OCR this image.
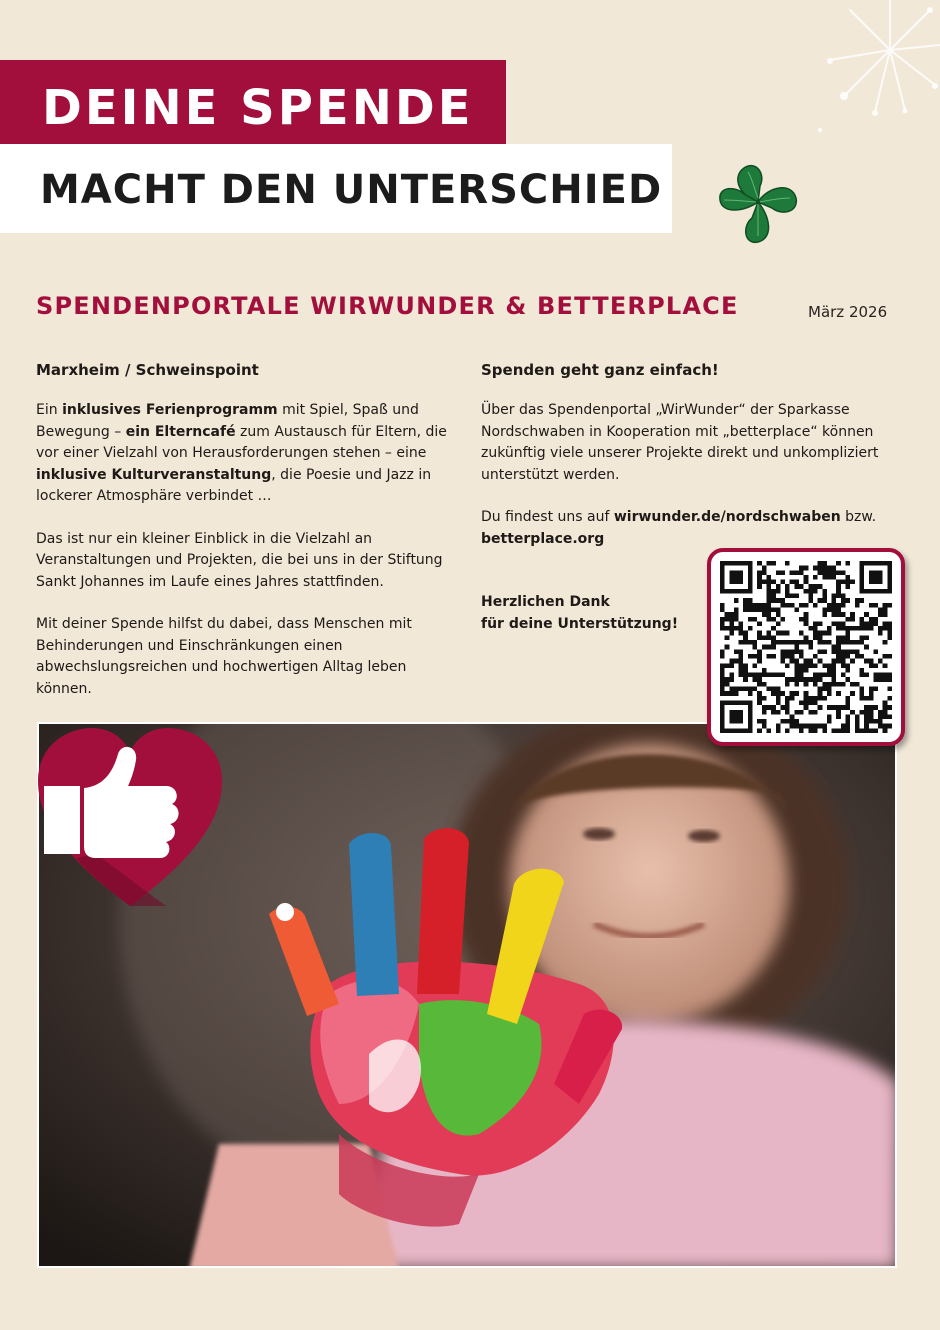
DEINE SPENDE
MACHT DEN UNTERSCHIED
SPENDENPORTALE WIRWUNDER & BETTERPLACE	März 2026
Marxheim / Schweinspoint

Ein inklusives Ferienprogramm mit Spiel, Spaß und Bewegung – ein Elterncafé zum Austausch für Eltern, die vor einer Vielzahl von Herausforderungen stehen – eine inklusive Kulturveranstaltung, die Poesie und Jazz in lockerer Atmosphäre verbindet …

Das ist nur ein kleiner Einblick in die Vielzahl an Veranstaltungen und Projekten, die bei uns in der Stiftung Sankt Johannes im Laufe eines Jahres stattfinden.

Mit deiner Spende hilfst du dabei, dass Menschen mit Behinderungen und Einschränkungen einen abwechslungsreichen und hochwertigen Alltag leben können.

Spenden geht ganz einfach!

Über das Spendenportal „WirWunder“ der Sparkasse Nordschwaben in Kooperation mit „betterplace“ können zukünftig viele unserer Projekte direkt und unkompliziert unterstützt werden.

Du findest uns auf wirwunder.de/nordschwaben bzw.
betterplace.org

Herzlichen Dank
für deine Unterstützung!
